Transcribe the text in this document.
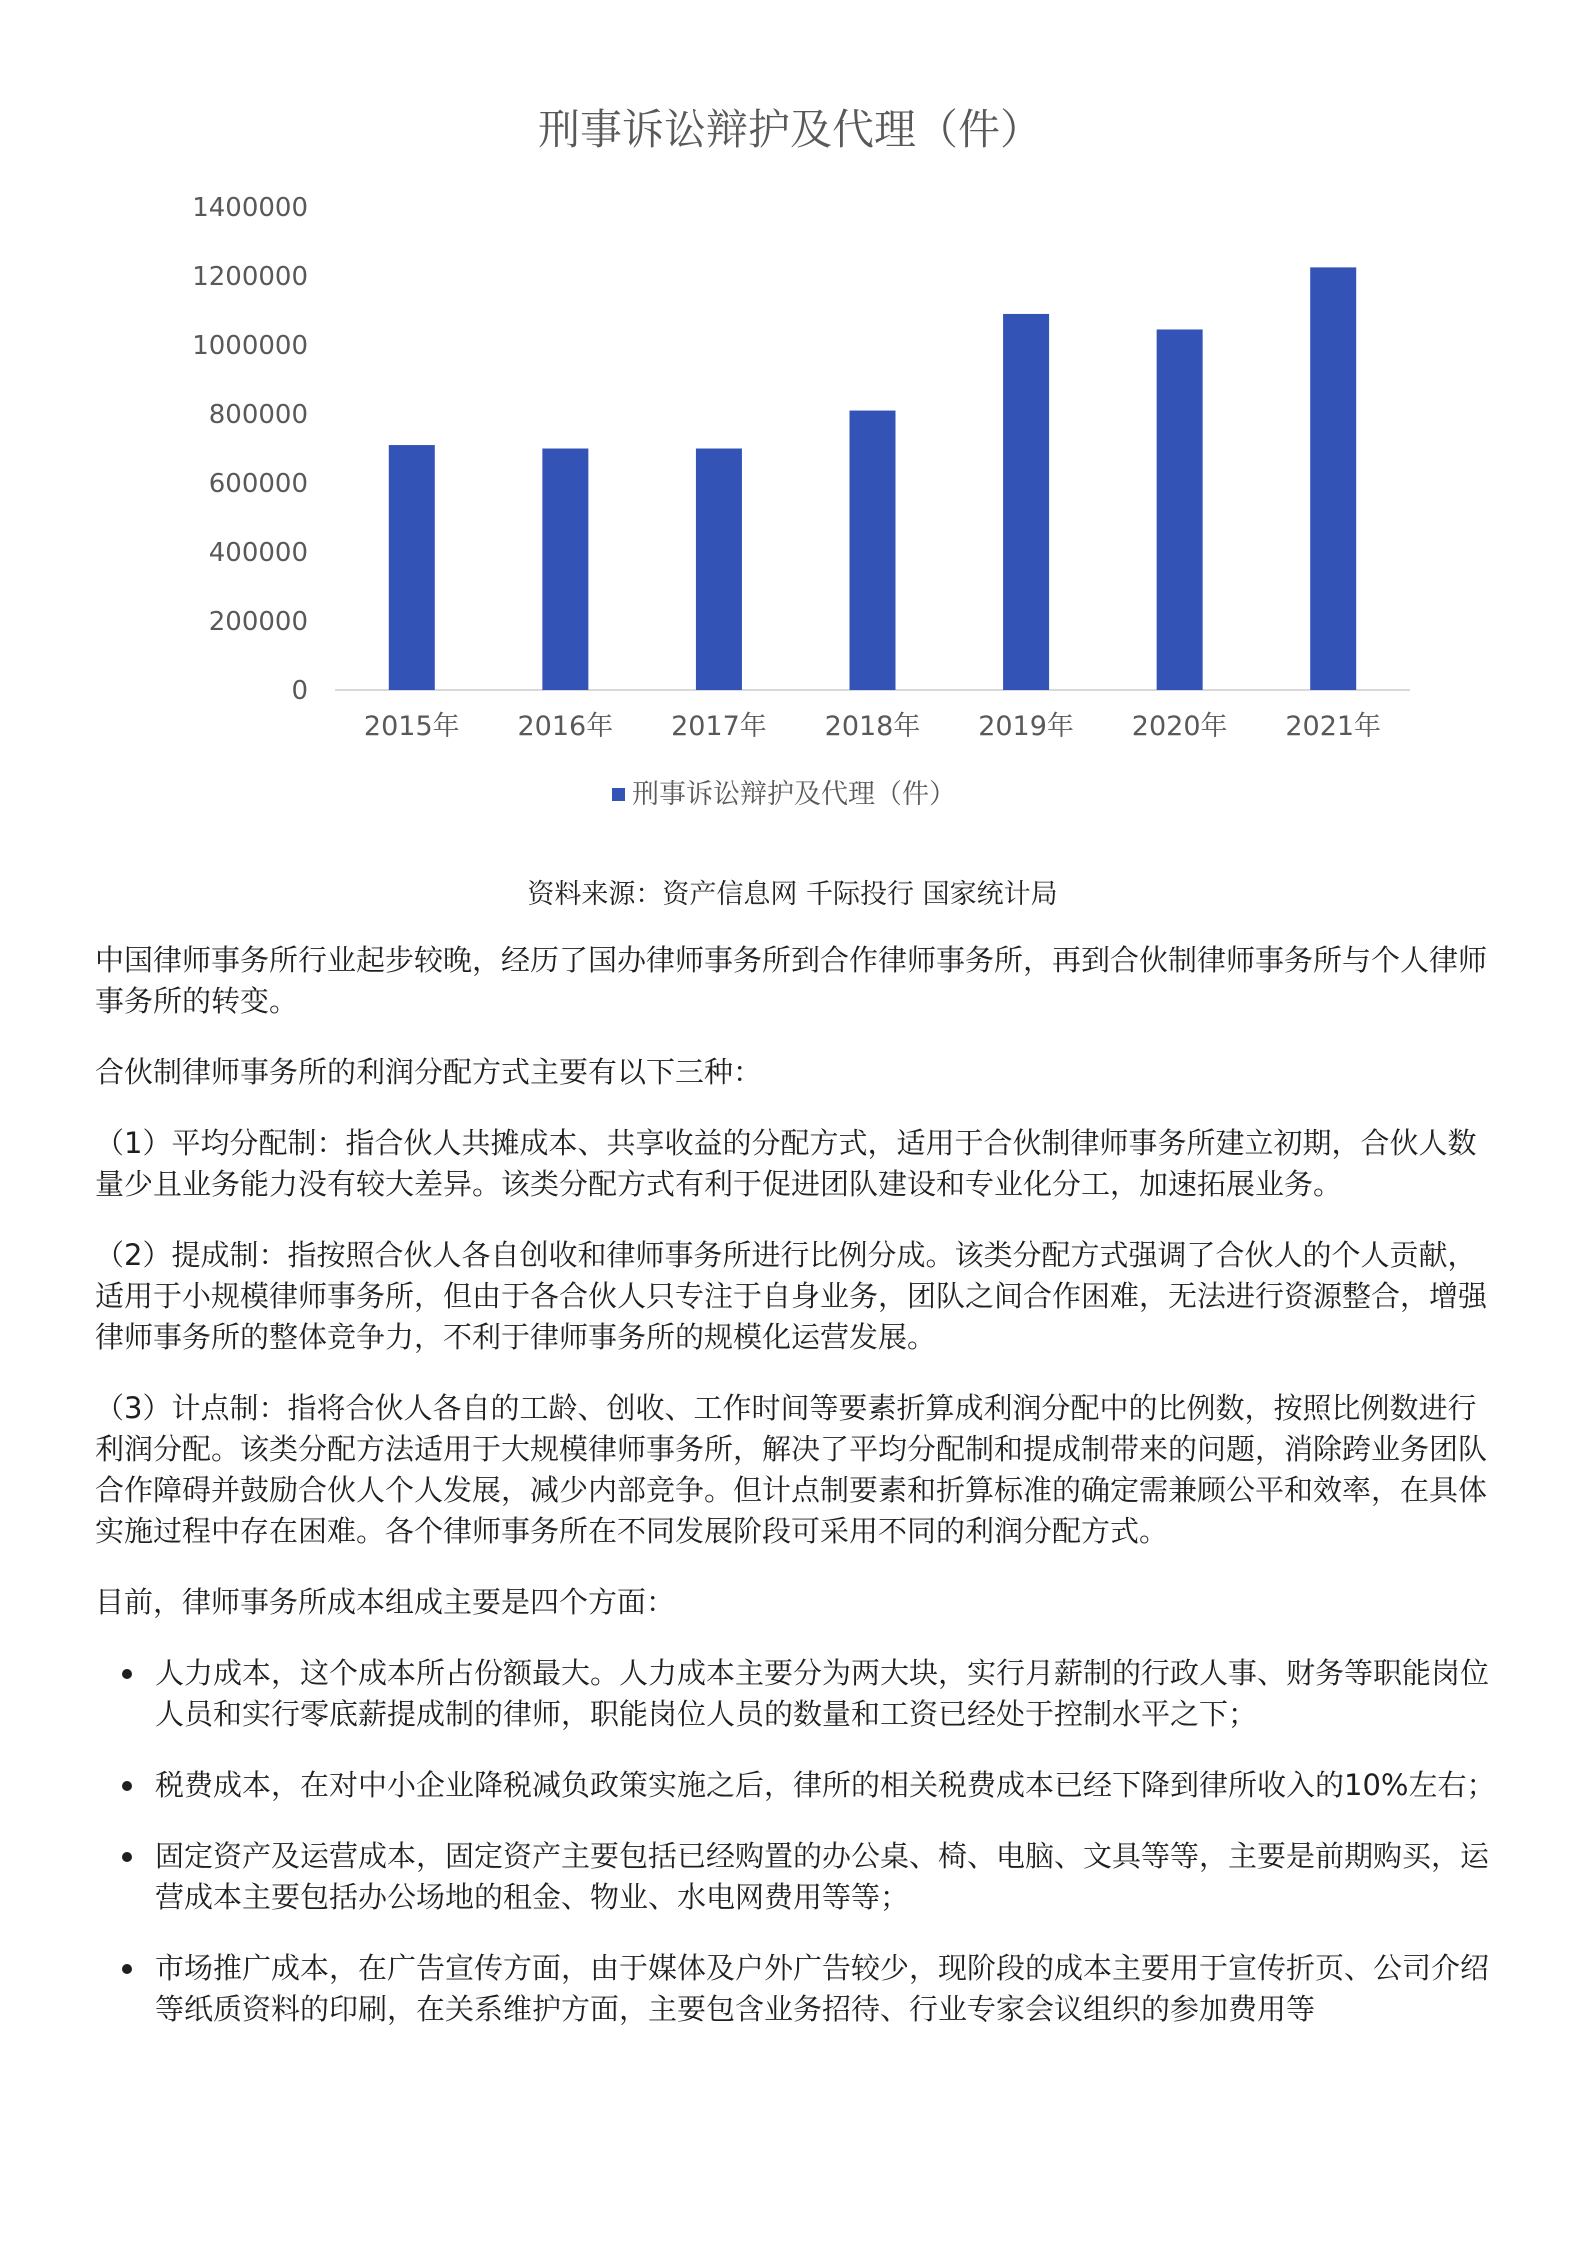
刑事诉讼辩护及代理（件）
0
200000
400000
600000
800000
1000000
1200000
1400000
2015年 2016年 2017年 2018年 2019年 2020年 2021年
刑事诉讼辩护及代理（件）
资料来源：资产信息网 千际投行 国家统计局

中国律师事务所行业起步较晚，经历了国办律师事务所到合作律师事务所，再到合伙制律师事务所与个人律师事务所的转变。

合伙制律师事务所的利润分配方式主要有以下三种：

（1）平均分配制：指合伙人共摊成本、共享收益的分配方式，适用于合伙制律师事务所建立初期，合伙人数量少且业务能力没有较大差异。该类分配方式有利于促进团队建设和专业化分工，加速拓展业务。

（2）提成制：指按照合伙人各自创收和律师事务所进行比例分成。该类分配方式强调了合伙人的个人贡献，适用于小规模律师事务所，但由于各合伙人只专注于自身业务，团队之间合作困难，无法进行资源整合，增强律师事务所的整体竞争力，不利于律师事务所的规模化运营发展。

（3）计点制：指将合伙人各自的工龄、创收、工作时间等要素折算成利润分配中的比例数，按照比例数进行利润分配。该类分配方法适用于大规模律师事务所，解决了平均分配制和提成制带来的问题，消除跨业务团队合作障碍并鼓励合伙人个人发展，减少内部竞争。但计点制要素和折算标准的确定需兼顾公平和效率，在具体实施过程中存在困难。各个律师事务所在不同发展阶段可采用不同的利润分配方式。

目前，律师事务所成本组成主要是四个方面：

人力成本，这个成本所占份额最大。人力成本主要分为两大块，实行月薪制的行政人事、财务等职能岗位人员和实行零底薪提成制的律师，职能岗位人员的数量和工资已经处于控制水平之下；
税费成本，在对中小企业降税减负政策实施之后，律所的相关税费成本已经下降到律所收入的10%左右；
固定资产及运营成本，固定资产主要包括已经购置的办公桌、椅、电脑、文具等等，主要是前期购买，运营成本主要包括办公场地的租金、物业、水电网费用等等；
市场推广成本，在广告宣传方面，由于媒体及户外广告较少，现阶段的成本主要用于宣传折页、公司介绍等纸质资料的印刷，在关系维护方面，主要包含业务招待、行业专家会议组织的参加费用等
